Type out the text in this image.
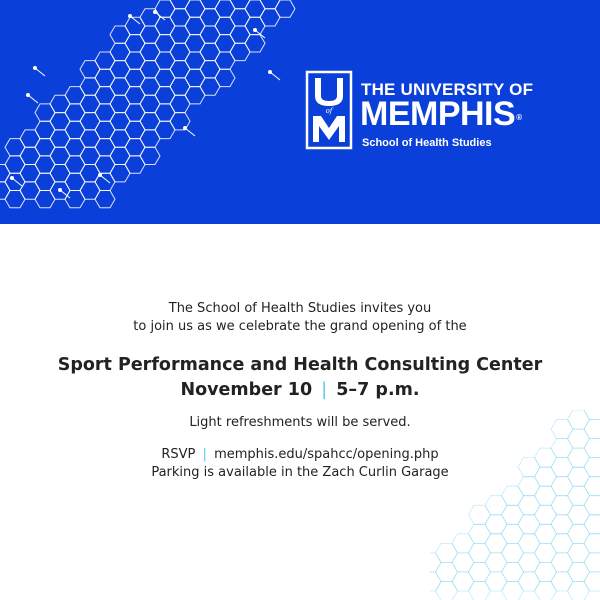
of
THE UNIVERSITY OF
MEMPHIS®
School of Health Studies
The School of Health Studies invites you
to join us as we celebrate the grand opening of the
Sport Performance and Health Consulting Center
November 10 | 5–7 p.m.
Light refreshments will be served.
RSVP | memphis.edu/spahcc/opening.php
Parking is available in the Zach Curlin Garage
